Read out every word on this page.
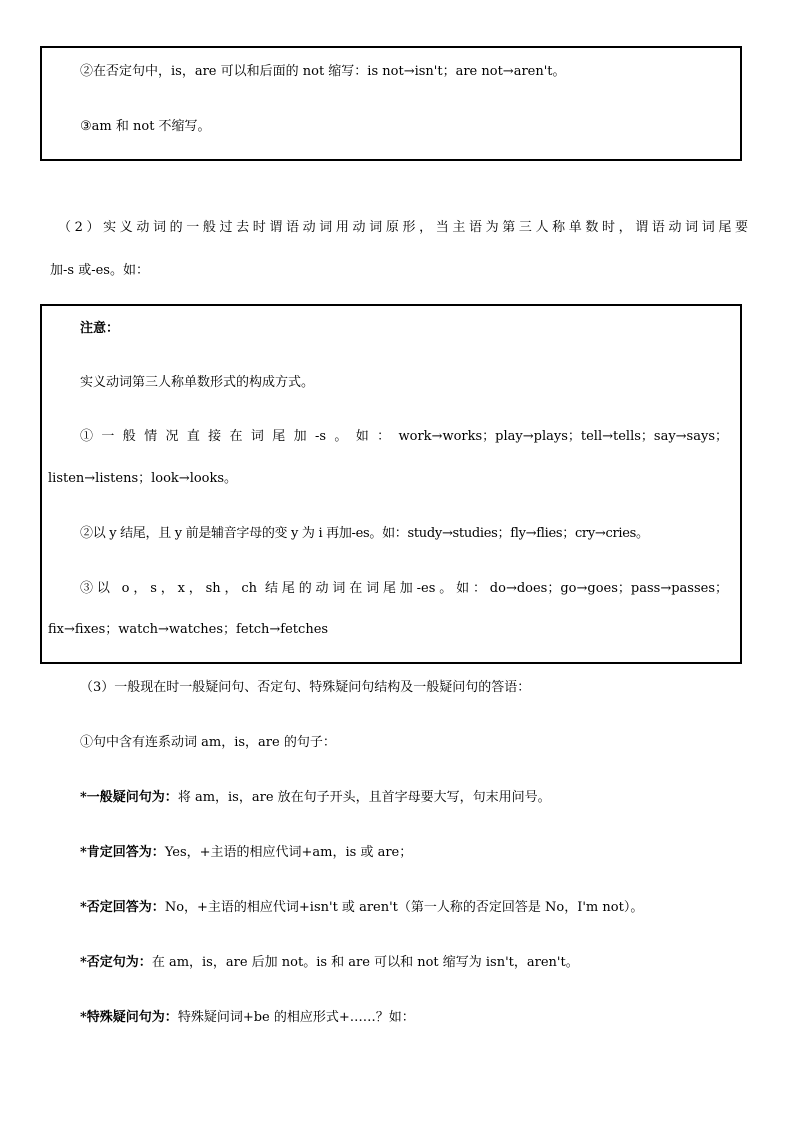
②在否定句中，is，are 可以和后面的 not 缩写：is not→isn't；are not→aren't。
③am 和 not 不缩写。
（2）实义动词的一般过去时谓语动词用动词原形，当主语为第三人称单数时，谓语动词词尾要
加-s 或-es。如：
注意：
实义动词第三人称单数形式的构成方式。
①一般情况直接在词尾加-s。如：work→works；play→plays；tell→tells；say→says；
listen→listens；look→looks。
②以 y 结尾，且 y 前是辅音字母的变 y 为 i 再加-es。如：study→studies；fly→flies；cry→cries。
③以 o，s，x，sh，ch 结尾的动词在词尾加-es。如：do→does；go→goes；pass→passes；
fix→fixes；watch→watches；fetch→fetches
（3）一般现在时一般疑问句、否定句、特殊疑问句结构及一般疑问句的答语：
①句中含有连系动词 am，is，are 的句子：
*一般疑问句为：将 am，is，are 放在句子开头，且首字母要大写，句末用问号。
*肯定回答为：Yes，+主语的相应代词+am，is 或 are；
*否定回答为：No，+主语的相应代词+isn't 或 aren't（第一人称的否定回答是 No，I'm not）。
*否定句为：在 am，is，are 后加 not。is 和 are 可以和 not 缩写为 isn't，aren't。
*特殊疑问句为：特殊疑问词+be 的相应形式+……？如：
